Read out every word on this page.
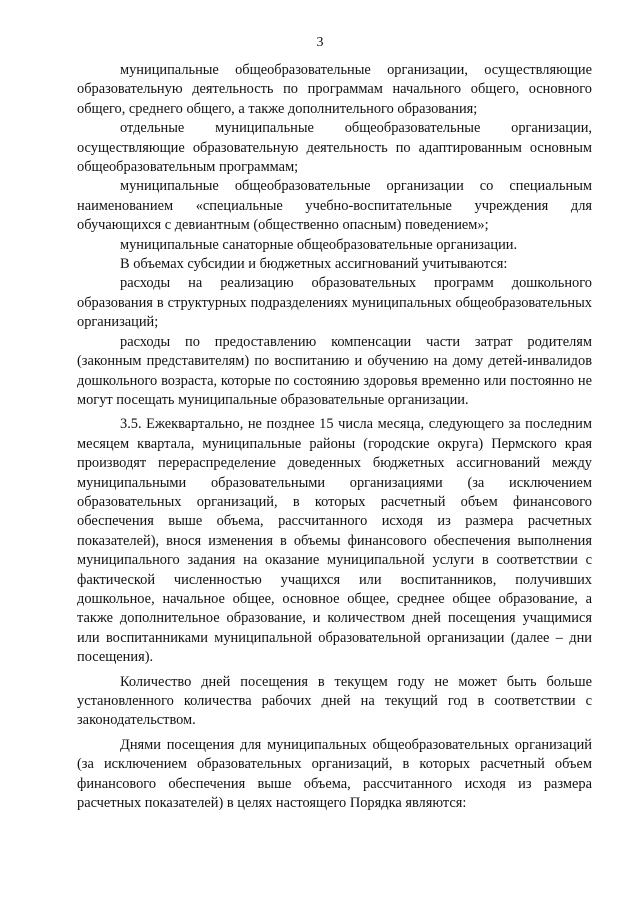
3

муниципальные общеобразовательные организации, осуществляющие образовательную деятельность по программам начального общего, основного общего, среднего общего, а также дополнительного образования;

отдельные муниципальные общеобразовательные организации, осуществляющие образовательную деятельность по адаптированным основным общеобразовательным программам;

муниципальные общеобразовательные организации со специальным наименованием «специальные учебно-воспитательные учреждения для обучающихся с девиантным (общественно опасным) поведением»;

муниципальные санаторные общеобразовательные организации.

В объемах субсидии и бюджетных ассигнований учитываются:

расходы на реализацию образовательных программ дошкольного образования в структурных подразделениях муниципальных общеобразовательных организаций;

расходы по предоставлению компенсации части затрат родителям (законным представителям) по воспитанию и обучению на дому детей-инвалидов дошкольного возраста, которые по состоянию здоровья временно или постоянно не могут посещать муниципальные образовательные организации.

3.5. Ежеквартально, не позднее 15 числа месяца, следующего за последним месяцем квартала, муниципальные районы (городские округа) Пермского края производят перераспределение доведенных бюджетных ассигнований между муниципальными образовательными организациями (за исключением образовательных организаций, в которых расчетный объем финансового обеспечения выше объема, рассчитанного исходя из размера расчетных показателей), внося изменения в объемы финансового обеспечения выполнения муниципального задания на оказание муниципальной услуги в соответствии с фактической численностью учащихся или воспитанников, получивших дошкольное, начальное общее, основное общее, среднее общее образование, а также дополнительное образование, и количеством дней посещения учащимися или воспитанниками муниципальной образовательной организации (далее – дни посещения).

Количество дней посещения в текущем году не может быть больше установленного количества рабочих дней на текущий год в соответствии с законодательством.

Днями посещения для муниципальных общеобразовательных организаций (за исключением образовательных организаций, в которых расчетный объем финансового обеспечения выше объема, рассчитанного исходя из размера расчетных показателей) в целях настоящего Порядка являются:
